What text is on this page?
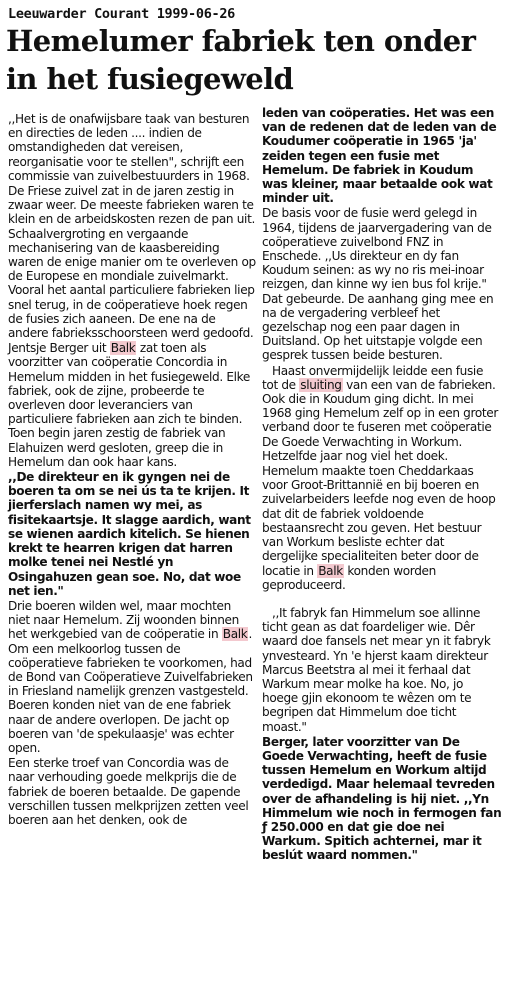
Leeuwarder Courant 1999-06-26
Hemelumer fabriek ten onder in het fusiegeweld

,,Het is de onafwijsbare taak van besturen en directies de leden .... indien de omstandigheden dat vereisen, reorganisatie voor te stellen", schrijft een commissie van zuivelbestuurders in 1968.

De Friese zuivel zat in de jaren zestig in zwaar weer. De meeste fabrieken waren te klein en de arbeidskosten rezen de pan uit. Schaalvergroting en vergaande mechanisering van de kaasbereiding waren de enige manier om te overleven op de Europese en mondiale zuivelmarkt. Vooral het aantal particuliere fabrieken liep snel terug, in de coöperatieve hoek regen de fusies zich aaneen. De ene na de andere fabrieksschoorsteen werd gedoofd.

Jentsje Berger uit Balk zat toen als voorzitter van coöperatie Concordia in Hemelum midden in het fusiegeweld. Elke fabriek, ook de zijne, probeerde te overleven door leveranciers van particuliere fabrieken aan zich te binden. Toen begin jaren zestig de fabriek van Elahuizen werd gesloten, greep die in Hemelum dan ook haar kans.

,,De direkteur en ik gyngen nei de boeren ta om se nei ús ta te krijen. It jierferslach namen wy mei, as fisitekaartsje. It slagge aardich, want se wienen aardich kitelich. Se hienen krekt te hearren krigen dat harren molke tenei nei Nestlé yn Osingahuzen gean soe. No, dat woe net ien."

Drie boeren wilden wel, maar mochten niet naar Hemelum. Zij woonden binnen het werkgebied van de coöperatie in Balk. Om een melkoorlog tussen de coöperatieve fabrieken te voorkomen, had de Bond van Coöperatieve Zuivelfabrieken in Friesland namelijk grenzen vastgesteld. Boeren konden niet van de ene fabriek naar de andere overlopen. De jacht op boeren van 'de spekulaasje' was echter open.

Een sterke troef van Concordia was de naar verhouding goede melkprijs die de fabriek de boeren betaalde. De gapende verschillen tussen melkprijzen zetten veel boeren aan het denken, ook de

leden van coöperaties. Het was een van de redenen dat de leden van de Koudumer coöperatie in 1965 'ja' zeiden tegen een fusie met Hemelum. De fabriek in Koudum was kleiner, maar betaalde ook wat minder uit.

De basis voor de fusie werd gelegd in 1964, tijdens de jaarvergadering van de coöperatieve zuivelbond FNZ in Enschede. ,,Us direkteur en dy fan Koudum seinen: as wy no ris mei-inoar reizgen, dan kinne wy ien bus fol krije." Dat gebeurde. De aanhang ging mee en na de vergadering verbleef het gezelschap nog een paar dagen in Duitsland. Op het uitstapje volgde een gesprek tussen beide besturen.

Haast onvermijdelijk leidde een fusie tot de sluiting van een van de fabrieken. Ook die in Koudum ging dicht. In mei 1968 ging Hemelum zelf op in een groter verband door te fuseren met coöperatie De Goede Verwachting in Workum. Hetzelfde jaar nog viel het doek.

Hemelum maakte toen Cheddarkaas voor Groot-Brittannië en bij boeren en zuivelarbeiders leefde nog even de hoop dat dit de fabriek voldoende bestaansrecht zou geven. Het bestuur van Workum besliste echter dat dergelijke specialiteiten beter door de locatie in Balk konden worden geproduceerd.

,,It fabryk fan Himmelum soe allinne ticht gean as dat foardeliger wie. Dêr waard doe fansels net mear yn it fabryk ynvesteard. Yn 'e hjerst kaam direkteur Marcus Beetstra al mei it ferhaal dat Warkum mear molke ha koe. No, jo hoege gjin ekonoom te wêzen om te begripen dat Himmelum doe ticht moast."

Berger, later voorzitter van De Goede Verwachting, heeft de fusie tussen Hemelum en Workum altijd verdedigd. Maar helemaal tevreden over de afhandeling is hij niet. ,,Yn Himmelum wie noch in fermogen fan ƒ 250.000 en dat gie doe nei Warkum. Spitich achternei, mar it beslút waard nommen."
